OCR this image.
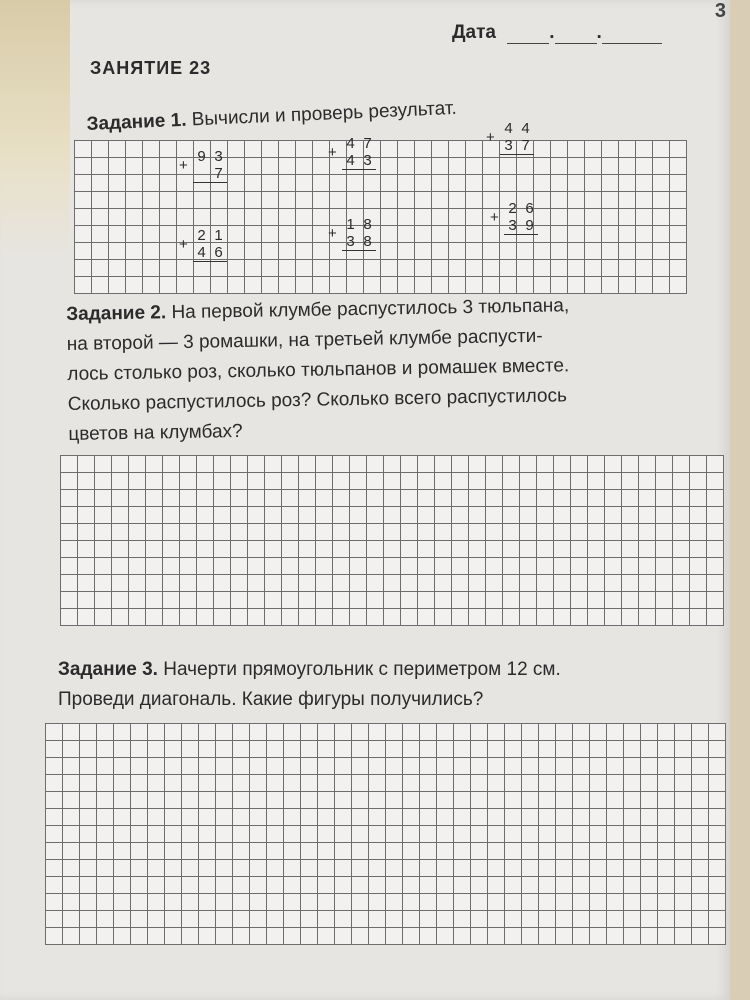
3
Дата	. .
ЗАНЯТИЕ 23
Задание 1. Вычисли и проверь результат.
+
9 3
7
+
4 7
4 3
+
4 4
3 7
+
2 1
4 6
+
1 8
3 8
+
2 6
3 9
Задание 2. На первой клумбе распустилось 3 тюльпана,
на второй — 3 ромашки, на третьей клумбе распусти-
лось столько роз, сколько тюльпанов и ромашек вместе.
Сколько распустилось роз? Сколько всего распустилось
цветов на клумбах?
Задание 3. Начерти прямоугольник с периметром 12 см.
Проведи диагональ. Какие фигуры получились?
